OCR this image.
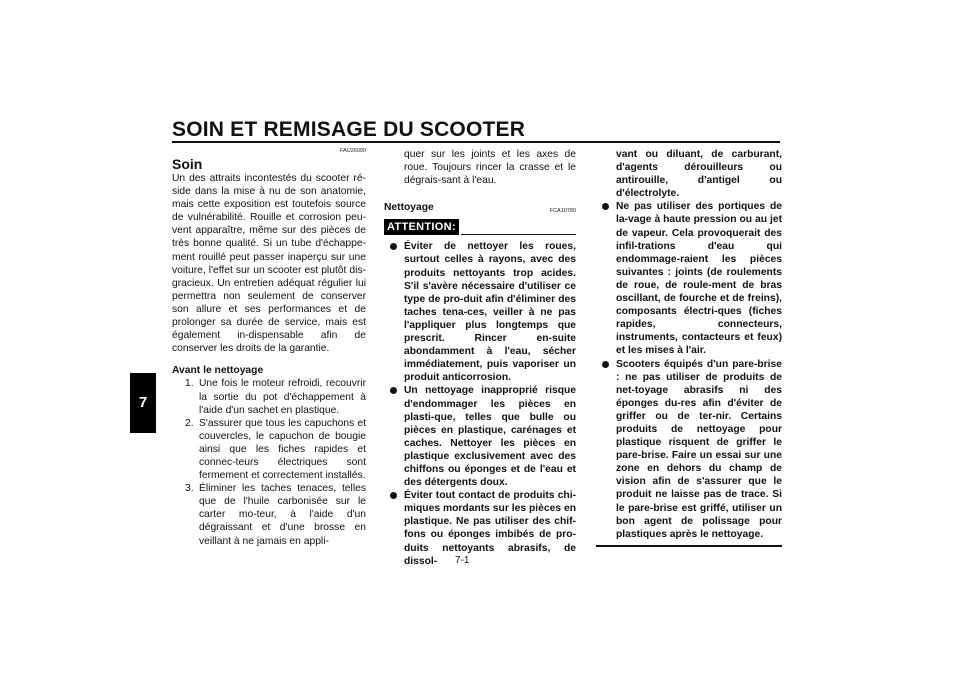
SOIN ET REMISAGE DU SCOOTER
7
FAU26090
Soin

Un des attraits incontestés du scooter ré-side dans la mise à nu de son anatomie, mais cette exposition est toutefois source de vulnérabilité. Rouille et corrosion peu-vent apparaître, même sur des pièces de très bonne qualité. Si un tube d'échappe-ment rouillé peut passer inaperçu sur une voiture, l'effet sur un scooter est plutôt dis-gracieux. Un entretien adéquat régulier lui permettra non seulement de conserver son allure et ses performances et de prolonger sa durée de service, mais est également in-dispensable afin de conserver les droits de la garantie.

Avant le nettoyage

1. Une fois le moteur refroidi, recouvrir la sortie du pot d'échappement à l'aide d'un sachet en plastique.
2. S'assurer que tous les capuchons et couvercles, le capuchon de bougie ainsi que les fiches rapides et connec-teurs électriques sont fermement et correctement installés.
3. Éliminer les taches tenaces, telles que de l'huile carbonisée sur le carter mo-teur, à l'aide d'un dégraissant et d'une brosse en veillant à ne jamais en appli-

quer sur les joints et les axes de roue. Toujours rincer la crasse et le dégrais-sant à l'eau.

Nettoyage	FCA10780
ATTENTION:
Éviter de nettoyer les roues, surtout celles à rayons, avec des produits nettoyants trop acides. S'il s'avère nécessaire d'utiliser ce type de pro-duit afin d'éliminer des taches tena-ces, veiller à ne pas l'appliquer plus longtemps que prescrit. Rincer en-suite abondamment à l'eau, sécher immédiatement, puis vaporiser un produit anticorrosion.
Un nettoyage inapproprié risque d'endommager les pièces en plasti-que, telles que bulle ou pièces en plastique, carénages et caches. Nettoyer les pièces en plastique exclusivement avec des chiffons ou éponges et de l'eau et des détergents doux.
Éviter tout contact de produits chi-miques mordants sur les pièces en plastique. Ne pas utiliser des chif-fons ou éponges imbibés de pro-duits nettoyants abrasifs, de dissol-

vant ou diluant, de carburant, d'agents dérouilleurs ou antirouille, d'antigel ou d'électrolyte.

Ne pas utiliser des portiques de la-vage à haute pression ou au jet de vapeur. Cela provoquerait des infil-trations d'eau qui endommage-raient les pièces suivantes : joints (de roulements de roue, de roule-ment de bras oscillant, de fourche et de freins), composants électri-ques (fiches rapides, connecteurs, instruments, contacteurs et feux) et les mises à l'air.
Scooters équipés d'un pare-brise : ne pas utiliser de produits de net-toyage abrasifs ni des éponges du-res afin d'éviter de griffer ou de ter-nir. Certains produits de nettoyage pour plastique risquent de griffer le pare-brise. Faire un essai sur une zone en dehors du champ de vision afin de s'assurer que le produit ne laisse pas de trace. Si le pare-brise est griffé, utiliser un bon agent de polissage pour plastiques après le nettoyage.
7-1
